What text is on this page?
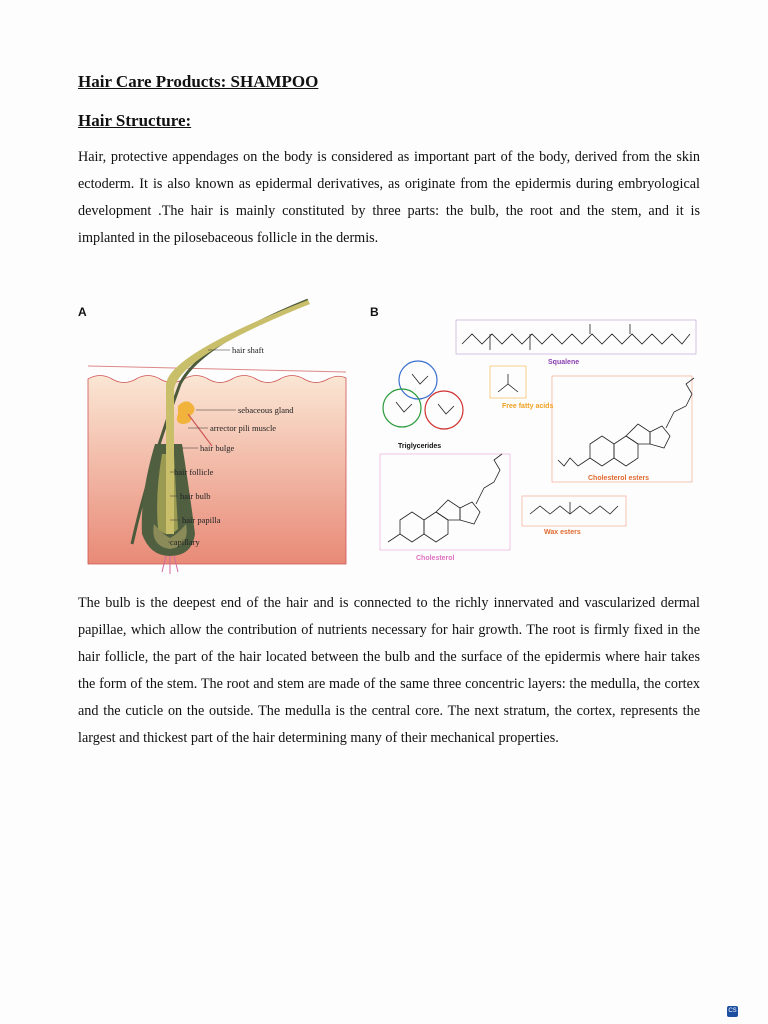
Hair Care Products: SHAMPOO
Hair Structure:

Hair, protective appendages on the body is considered as important part of the body, derived from the skin ectoderm. It is also known as epidermal derivatives, as originate from the epidermis during embryological development .The hair is mainly constituted by three parts: the bulb, the root and the stem, and it is implanted in the pilosebaceous follicle in the dermis.

A
hair shaft
sebaceous gland
arrector pili muscle
hair bulge
hair follicle
hair bulb
hair papilla
capillary
B
Squalene
Free fatty acids
Triglycerides
Cholesterol esters
Cholesterol
Wax esters

The bulb is the deepest end of the hair and is connected to the richly innervated and vascularized dermal papillae, which allow the contribution of nutrients necessary for hair growth. The root is firmly fixed in the hair follicle, the part of the hair located between the bulb and the surface of the epidermis where hair takes the form of the stem. The root and stem are made of the same three concentric layers: the medulla, the cortex and the cuticle on the outside. The medulla is the central core. The next stratum, the cortex, represents the largest and thickest part of the hair determining many of their mechanical properties.

CS
